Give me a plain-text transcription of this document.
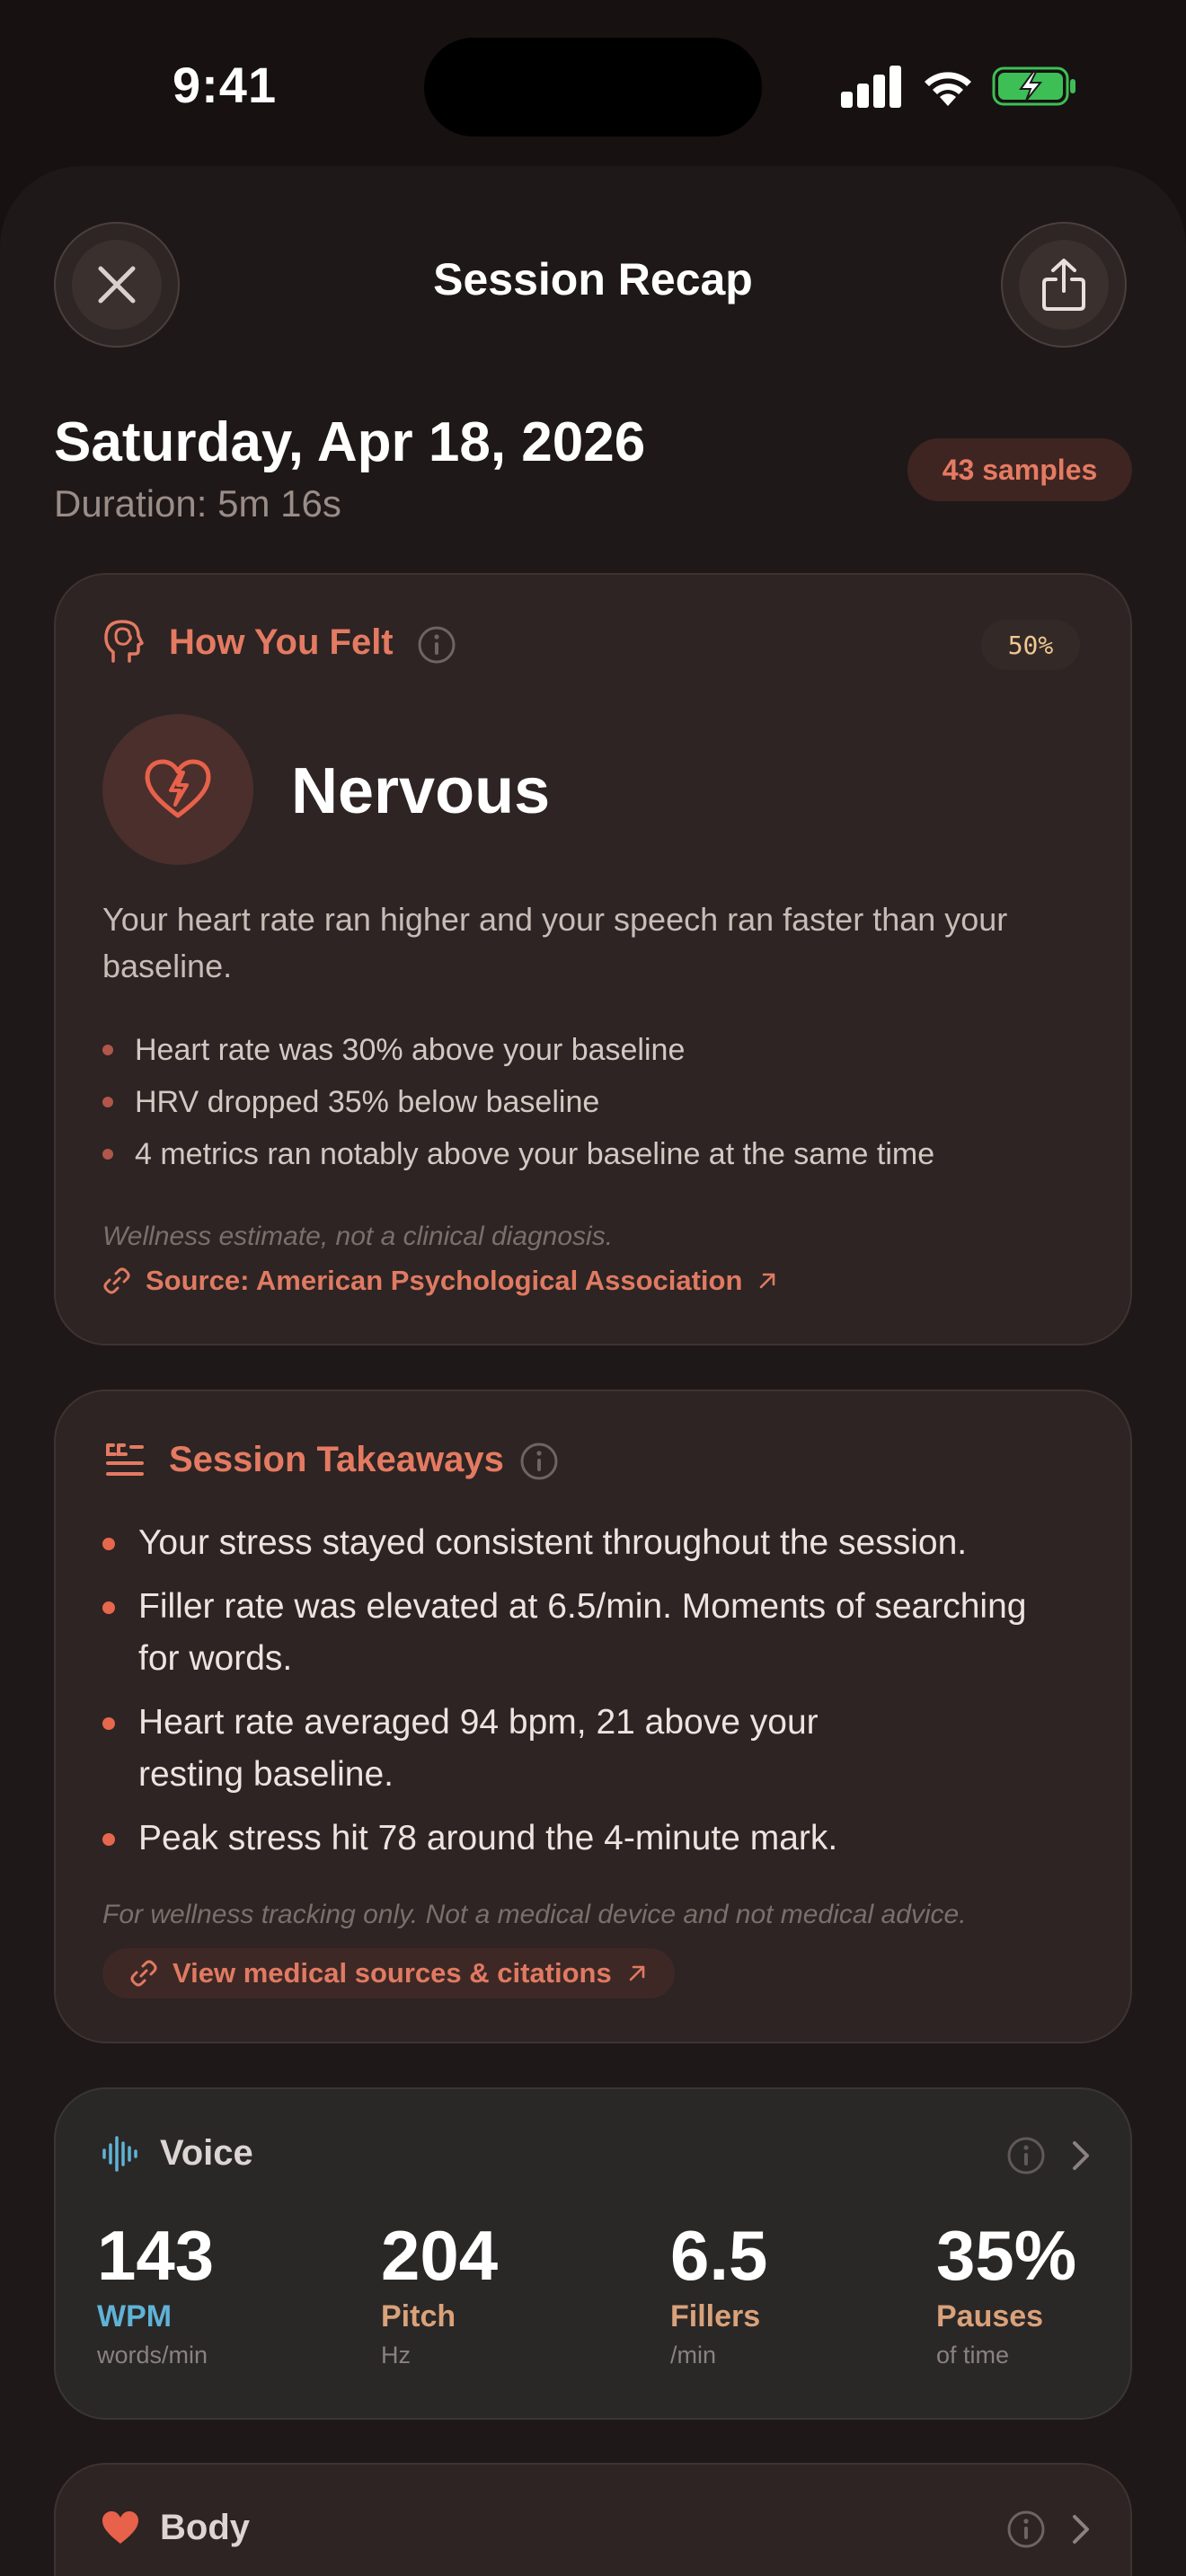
9:41
Session Recap
Saturday, Apr 18, 2026
Duration: 5m 16s
43 samples
How You Felt	50%
Nervous
Your heart rate ran higher and your speech ran faster than your baseline.
Heart rate was 30% above your baseline
HRV dropped 35% below baseline
4 metrics ran notably above your baseline at the same time
Wellness estimate, not a clinical diagnosis.
Source: American Psychological Association
Session Takeaways
Your stress stayed consistent throughout the session.
Filler rate was elevated at 6.5/min. Moments of searching for words.
Heart rate averaged 94 bpm, 21 above your resting baseline.
Peak stress hit 78 around the 4-minute mark.
For wellness tracking only. Not a medical device and not medical advice.
View medical sources & citations
Voice
143
WPM
words/min
204
Pitch
Hz
6.5
Fillers
/min
35%
Pauses
of time
Body
